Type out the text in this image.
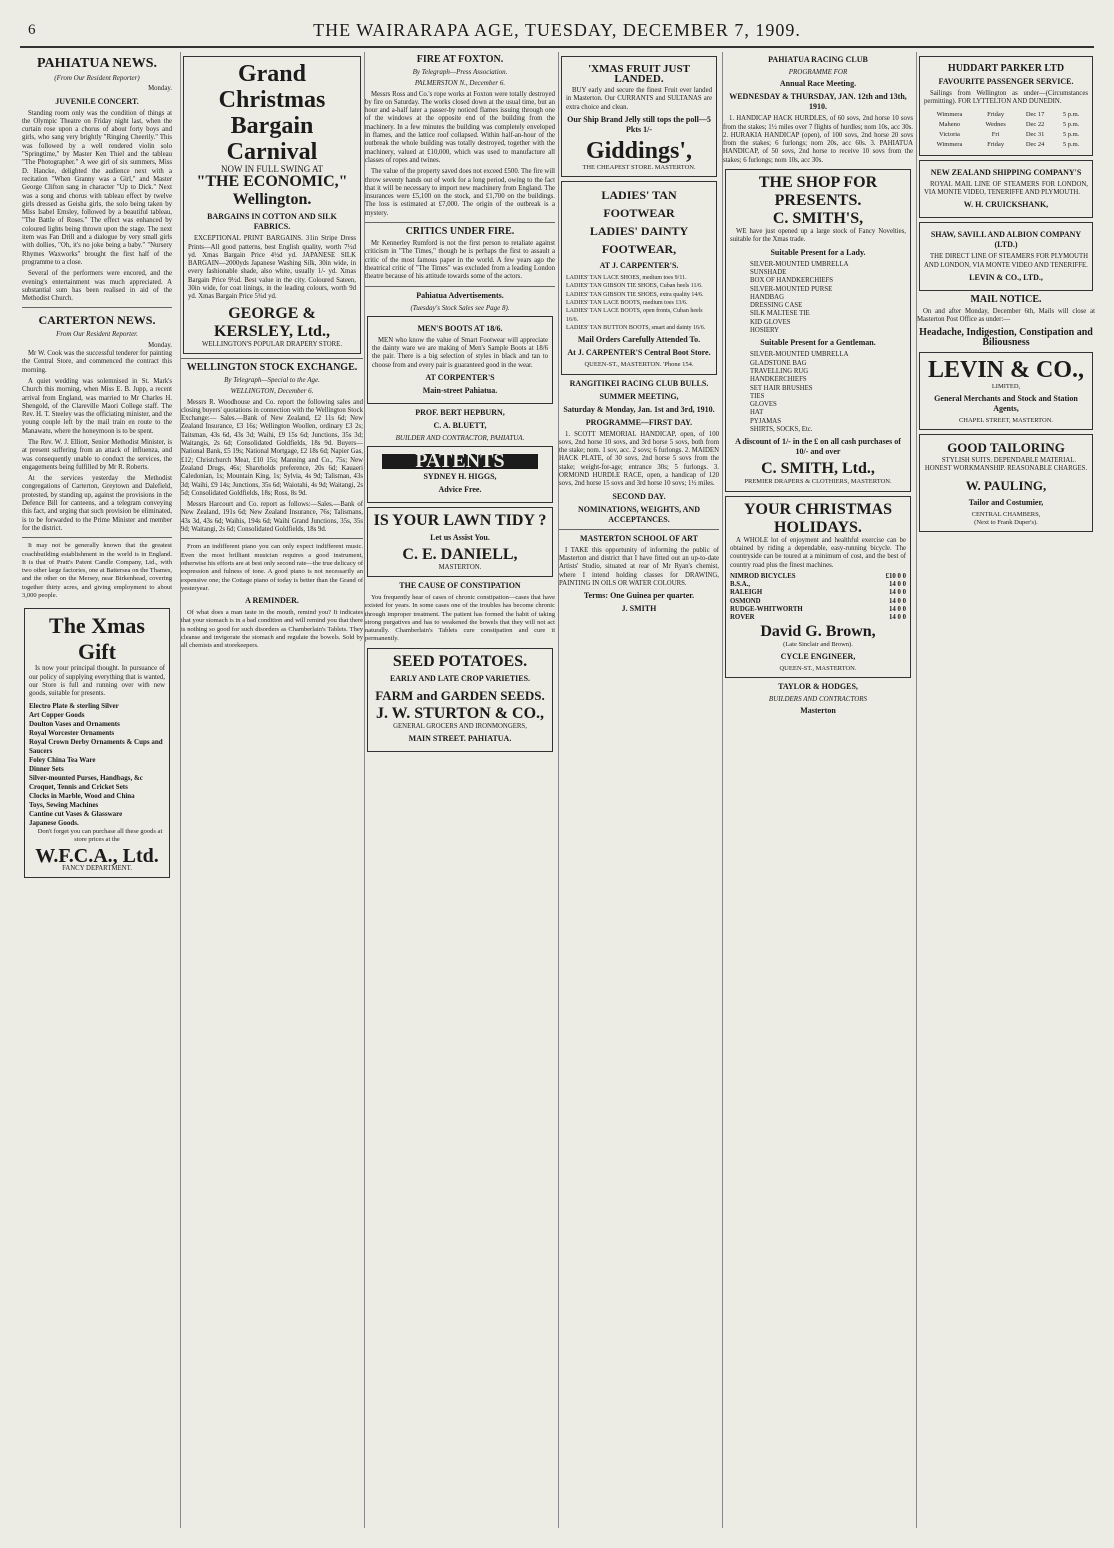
6	THE WAIRARAPA AGE, TUESDAY, DECEMBER 7, 1909.
PAHIATUA NEWS.
(From Our Resident Reporter)
Monday.
JUVENILE CONCERT.

Standing room only was the condition of things at the Olympic Theatre on Friday night last, when the curtain rose upon a chorus of about forty boys and girls, who sang very brightly "Ringing Cheerily." This was followed by a well rendered violin solo "Springtime," by Master Ken Thiel and the tableau "The Photographer." A wee girl of six summers, Miss D. Hancke, delighted the audience next with a recitation "When Granny was a Girl," and Master George Clifton sang in character "Up to Dick." Next was a song and chorus with tableau effect by twelve girls dressed as Geisha girls, the solo being taken by Miss Isabel Emsley, followed by a beautiful tableau, "The Battle of Roses." The effect was enhanced by coloured lights being thrown upon the stage. The next item was Fan Drill and a dialogue by very small girls with dollies, "Oh, it's no joke being a baby." "Nursery Rhymes Waxworks" brought the first half of the programme to a close.

Several of the performers were encored, and the evening's entertainment was much appreciated. A substantial sum has been realised in aid of the Methodist Church.

CARTERTON NEWS.
From Our Resident Reporter.
Monday.

Mr W. Cook was the successful tenderer for painting the Central Store, and commenced the contract this morning.

A quiet wedding was solemnised in St. Mark's Church this morning, when Miss E. B. Jupp, a recent arrival from England, was married to Mr Charles H. Shengold, of the Clareville Maori College staff. The Rev. H. T. Steeley was the officiating minister, and the young couple left by the mail train en route to the Manawatu, where the honeymoon is to be spent.

The Rev. W. J. Elliott, Senior Methodist Minister, is at present suffering from an attack of influenza, and was consequently unable to conduct the services, the engagements being fulfilled by Mr R. Roberts.

At the services yesterday the Methodist congregations of Carterton, Greytown and Dalefield, protested, by standing up, against the provisions in the Defence Bill for canteens, and a telegram conveying this fact, and urging that such provision be eliminated, is to be forwarded to the Prime Minister and member for the district.

It may not be generally known that the greatest coachbuilding establishment in the world is in England. It is that of Pratt's Patent Candle Company, Ltd., with two other large factories, one at Battersea on the Thames, and the other on the Mersey, near Birkenhead, covering together thirty acres, and giving employment to about 3,000 people.

The Xmas Gift

Is now your principal thought. In pursuance of our policy of supplying everything that is wanted, our Store is full and running over with new goods, suitable for presents.

Electro Plate & sterling Silver
Art Copper Goods
Doulton Vases and Ornaments
Royal Worcester Ornaments
Royal Crown Derby Ornaments & Cups and Saucers
Foley China Tea Ware
Dinner Sets
Silver-mounted Purses, Handbags, &c
Croquet, Tennis and Cricket Sets
Clocks in Marble, Wood and China
Toys, Sewing Machines
Cantine cut Vases & Glassware
Japanese Goods.

Don't forget you can purchase all these goods at store prices at the

W.F.C.A., Ltd.
FANCY DEPARTMENT.
Grand Christmas
Bargain Carnival
NOW IN FULL SWING AT
"THE ECONOMIC," Wellington.
BARGAINS IN COTTON AND SILK FABRICS.

EXCEPTIONAL PRINT BARGAINS. 31in Stripe Dress Prints—All good patterns, best English quality, worth 7½d yd. Xmas Bargain Price 4½d yd. JAPANESE SILK BARGAIN—2000yds Japanese Washing Silk, 30in wide, in every fashionable shade, also white, usually 1/- yd. Xmas Bargain Price 9½d. Best value in the city. Coloured Sateen, 30in wide, for coat linings, in the leading colours, worth 9d yd. Xmas Bargain Price 5¾d yd.

GEORGE & KERSLEY, Ltd.,
WELLINGTON'S POPULAR DRAPERY STORE.
WELLINGTON STOCK EXCHANGE.
By Telegraph—Special to the Age.
WELLINGTON, December 6.

Messrs R. Woodhouse and Co. report the following sales and closing buyers' quotations in connection with the Wellington Stock Exchange:— Sales.—Bank of New Zealand, £2 11s 6d; New Zealand Insurance, £3 16s; Wellington Woollen, ordinary £3 2s; Taitsman, 43s 6d, 43s 3d; Waihi, £9 15s 6d; Junctions, 35s 3d; Waitangis, 2s 6d; Consolidated Goldfields, 18s 9d. Buyers—National Bank, £5 19s; National Mortgage, £2 18s 6d; Napier Gas, £12; Christchurch Meat, £10 15s; Manning and Co., 75s; New Zealand Drugs, 46s; Shareholds preference, 20s 6d; Kauaeri Caledonian, 1s; Mountain King, 1s; Sylvia, 4s 9d; Talisman, 43s 3d; Waihi, £9 14s; Junctions, 35s 6d; Waiotahi, 4s 9d; Waitangi, 2s 5d; Consolidated Goldfields, 18s; Ross, 8s 9d.

Messrs Harcourt and Co. report as follows:—Sales.—Bank of New Zealand, 191s 6d; New Zealand Insurance, 76s; Talismans, 43s 3d, 43s 6d; Waihis, 194s 6d; Waihi Grand Junctions, 35s, 35s 9d; Waitangi, 2s 6d; Consolidated Goldfields, 18s 9d.

From an indifferent piano you can only expect indifferent music. Even the most brilliant musician requires a good instrument, otherwise his efforts are at best only second rate—the true delicacy of expression and fulness of tone. A good piano is not necessarily an expensive one; the Cottage piano of today is better than the Grand of yesteryear.

A REMINDER.

Of what does a man taste in the mouth, remind you? It indicates that your stomach is in a bad condition and will remind you that there is nothing so good for such disorders as Chamberlain's Tablets. They cleanse and invigorate the stomach and regulate the bowels. Sold by all chemists and storekeepers.

FIRE AT FOXTON.
By Telegraph—Press Association.
PALMERSTON N., December 6.

Messrs Ross and Co.'s rope works at Foxton were totally destroyed by fire on Saturday. The works closed down at the usual time, but an hour and a-half later a passer-by noticed flames issuing through one of the windows at the opposite end of the building from the machinery. In a few minutes the building was completely enveloped in flames, and the lattice roof collapsed. Within half-an-hour of the outbreak the whole building was totally destroyed, together with the machinery, valued at £10,000, which was used to manufacture all classes of ropes and twines.

The value of the property saved does not exceed £500. The fire will throw seventy hands out of work for a long period, owing to the fact that it will be necessary to import new machinery from England. The insurances were £5,100 on the stock, and £1,700 on the buildings. The loss is estimated at £7,000. The origin of the outbreak is a mystery.

CRITICS UNDER FIRE.

Mr Kennerley Rumford is not the first person to retaliate against criticism in "The Times," though he is perhaps the first to assault a critic of the most famous paper in the world. A few years ago the theatrical critic of "The Times" was excluded from a leading London theatre because of his attitude towards some of the actors.

Pahiatua Advertisements.
(Tuesday's Stock Sales see Page 8).
MEN'S BOOTS AT 18/6.

MEN who know the value of Smart Footwear will appreciate the dainty ware we are making of Men's Sample Boots at 18/6 the pair. There is a big selection of styles in black and tan to choose from and every pair is guaranteed good in the wear.

AT CORPENTER'S
Main-street Pahiatua.
PROF. BERT HEPBURN,
C. A. BLUETT,
BUILDER AND CONTRACTOR, PAHIATUA.
PATENTS
SYDNEY H. HIGGS,
Advice Free.
IS YOUR LAWN TIDY ?
Let us Assist You.
C. E. DANIELL,
MASTERTON.
THE CAUSE OF CONSTIPATION

You frequently hear of cases of chronic constipation—cases that have existed for years. In some cases one of the troubles has become chronic through improper treatment. The patient has formed the habit of taking strong purgatives and has to weakened the bowels that they will not act naturally. Chamberlain's Tablets cure constipation and cure it permanently.

SEED POTATOES.
EARLY AND LATE CROP VARIETIES.
FARM and GARDEN SEEDS.
J. W. STURTON & CO.,
GENERAL GROCERS AND IRONMONGERS,
MAIN STREET. PAHIATUA.
'XMAS FRUIT JUST LANDED.

BUY early and secure the finest Fruit ever landed in Masterton. Our CURRANTS and SULTANAS are extra choice and clean.

Our Ship Brand Jelly still tops the poll—5 Pkts 1/-
Giddings',
THE CHEAPEST STORE. MASTERTON.
LADIES' TAN FOOTWEAR
LADIES' DAINTY FOOTWEAR,
AT J. CARPENTER'S.
LADIES' TAN LACE SHOES, medium toes 9/11.
LADIES' TAN GIBSON TIE SHOES, Cuban heels 11/6.
LADIES' TAN GIBSON TIE SHOES, extra quality 14/6.
LADIES' TAN LACE BOOTS, medium toes 13/6.
LADIES' TAN LACE BOOTS, open fronts, Cuban heels 16/6.
LADIES' TAN BUTTON BOOTS, smart and dainty 16/6.
Mail Orders Carefully Attended To.
At J. CARPENTER'S Central Boot Store.
QUEEN-ST., MASTERTON. 'Phone 154.
RANGITIKEI RACING CLUB BULLS.
SUMMER MEETING,
Saturday & Monday, Jan. 1st and 3rd, 1910.
PROGRAMME—FIRST DAY.

1. SCOTT MEMORIAL HANDICAP, open, of 100 sovs, 2nd horse 10 sovs, and 3rd horse 5 sovs, both from the stake; nom. 1 sov, acc. 2 sovs; 6 furlongs. 2. MAIDEN HACK PLATE, of 30 sovs, 2nd horse 5 sovs from the stake; weight-for-age; entrance 30s; 5 furlongs. 3. ORMOND HURDLE RACE, open, a handicap of 120 sovs, 2nd horse 15 sovs and 3rd horse 10 sovs; 1½ miles.

SECOND DAY.
NOMINATIONS, WEIGHTS, AND ACCEPTANCES.
MASTERTON SCHOOL OF ART

I TAKE this opportunity of informing the public of Masterton and district that I have fitted out an up-to-date Artists' Studio, situated at rear of Mr Ryan's chemist, where I intend holding classes for DRAWING, PAINTING IN OILS OR WATER COLOURS.

Terms: One Guinea per quarter.
J. SMITH
PAHIATUA RACING CLUB
PROGRAMME FOR
Annual Race Meeting.
WEDNESDAY & THURSDAY, JAN. 12th and 13th, 1910.

1. HANDICAP HACK HURDLES, of 60 sovs, 2nd horse 10 sovs from the stakes; 1½ miles over 7 flights of hurdles; nom 10s, acc 30s. 2. HURAKIA HANDICAP (open), of 100 sovs, 2nd horse 20 sovs from the stakes; 6 furlongs; nom 20s, acc 60s. 3. PAHIATUA HANDICAP, of 50 sovs, 2nd horse to receive 10 sovs from the stakes; 6 furlongs; nom 10s, acc 30s.

THE SHOP FOR PRESENTS.
C. SMITH'S,

WE have just opened up a large stock of Fancy Novelties, suitable for the Xmas trade.

Suitable Present for a Lady.
SILVER-MOUNTED UMBRELLA
SUNSHADE
BOX OF HANDKERCHIEFS
SILVER-MOUNTED PURSE
HANDBAG
DRESSING CASE
SILK MALTESE TIE
KID GLOVES
HOSIERY
Suitable Present for a Gentleman.
SILVER-MOUNTED UMBRELLA
GLADSTONE BAG
TRAVELLING RUG
HANDKERCHIEFS
SET HAIR BRUSHES
TIES
GLOVES
HAT
PYJAMAS
SHIRTS, SOCKS, Etc.
A discount of 1/- in the £ on all cash purchases of 10/- and over
C. SMITH, Ltd.,
PREMIER DRAPERS & CLOTHIERS, MASTERTON.
YOUR CHRISTMAS HOLIDAYS.

A WHOLE lot of enjoyment and healthful exercise can be obtained by riding a dependable, easy-running bicycle. The countryside can be toured at a minimum of cost, and the best of country road plus the finest machines.

NIMROD BICYCLES	£10 0 0
B.S.A.,	14 0 0
RALEIGH	14 0 0
OSMOND	14 0 0
RUDGE-WHITWORTH	14 0 0
ROVER	14 0 0
David G. Brown,
(Late Sinclair and Brown).
CYCLE ENGINEER,
QUEEN-ST., MASTERTON.
TAYLOR & HODGES,
BUILDERS AND CONTRACTORS
Masterton
HUDDART PARKER LTD
FAVOURITE PASSENGER SERVICE.

Sailings from Wellington as under—(Circumstances permitting). FOR LYTTELTON AND DUNEDIN.

Wimmera	Friday	Dec 17	5 p.m.
Maheno	Wednes	Dec 22	5 p.m.
Victoria	Fri	Dec 31	5 p.m.
Wimmera	Friday	Dec 24	5 p.m.
NEW ZEALAND SHIPPING COMPANY'S

ROYAL MAIL LINE OF STEAMERS FOR LONDON, VIA MONTE VIDEO, TENERIFFE AND PLYMOUTH.

W. H. CRUICKSHANK,
SHAW, SAVILL AND ALBION COMPANY (LTD.)

THE DIRECT LINE OF STEAMERS FOR PLYMOUTH AND LONDON, VIA MONTE VIDEO AND TENERIFFE.

LEVIN & CO., LTD.,
MAIL NOTICE.

On and after Monday, December 6th, Mails will close at Masterton Post Office as under:—

Headache, Indigestion, Constipation and Biliousness
LEVIN & CO.,
LIMITED,
General Merchants and Stock and Station Agents,
CHAPEL STREET, MASTERTON.
GOOD TAILORING

STYLISH SUITS. DEPENDABLE MATERIAL. HONEST WORKMANSHIP. REASONABLE CHARGES.

W. PAULING,
Tailor and Costumier,
CENTRAL CHAMBERS,
(Next to Frank Duper's).
